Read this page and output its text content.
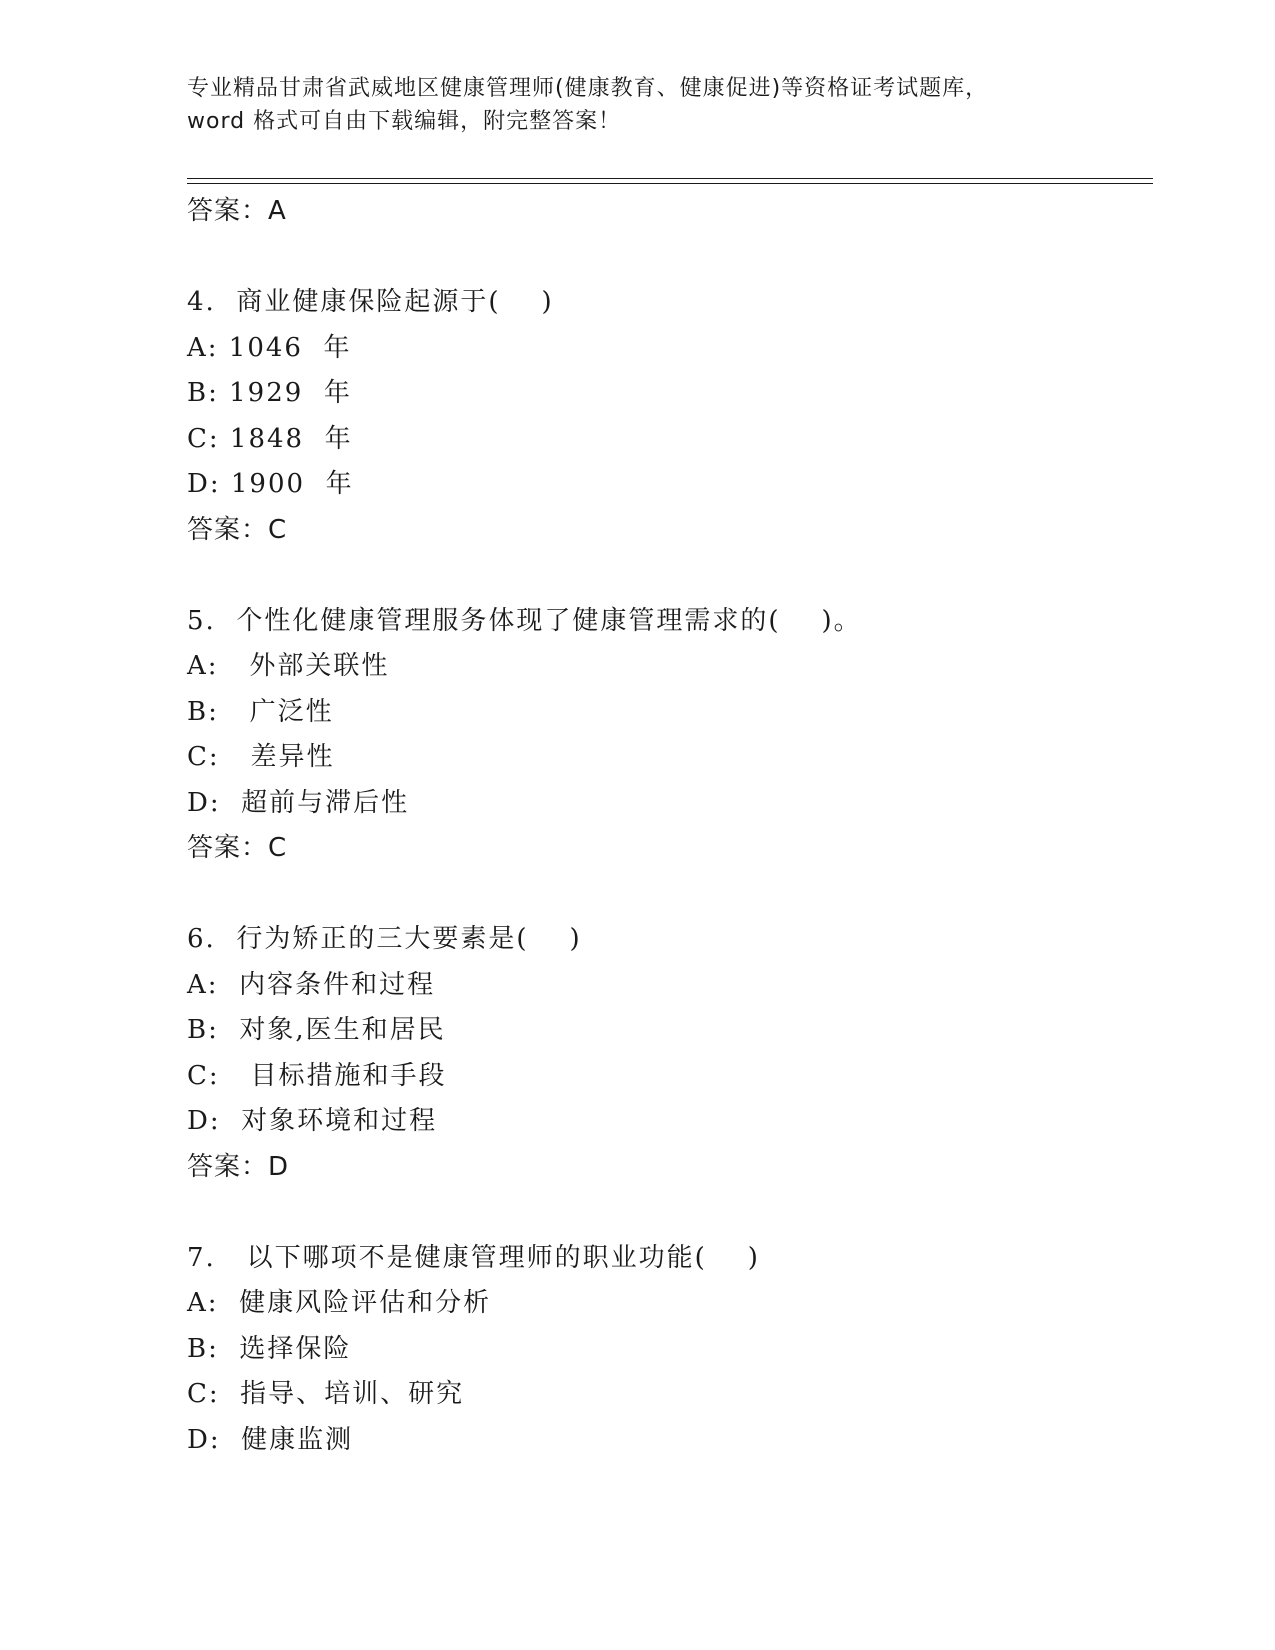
专业精品甘肃省武威地区健康管理师(健康教育、健康促进)等资格证考试题库，
word 格式可自由下载编辑，附完整答案！
答案：A
4.  商业健康保险起源于(    )
A: 1046  年
B: 1929  年
C: 1848  年
D: 1900  年
答案：C
5.  个性化健康管理服务体现了健康管理需求的(    )。
A:   外部关联性
B:   广泛性
C:   差异性
D:  超前与滞后性
答案：C
6.  行为矫正的三大要素是(    )
A:  内容条件和过程
B:  对象,医生和居民
C:   目标措施和手段
D:  对象环境和过程
答案：D
7.   以下哪项不是健康管理师的职业功能(    )
A:  健康风险评估和分析
B:  选择保险
C:  指导、培训、研究
D:  健康监测
